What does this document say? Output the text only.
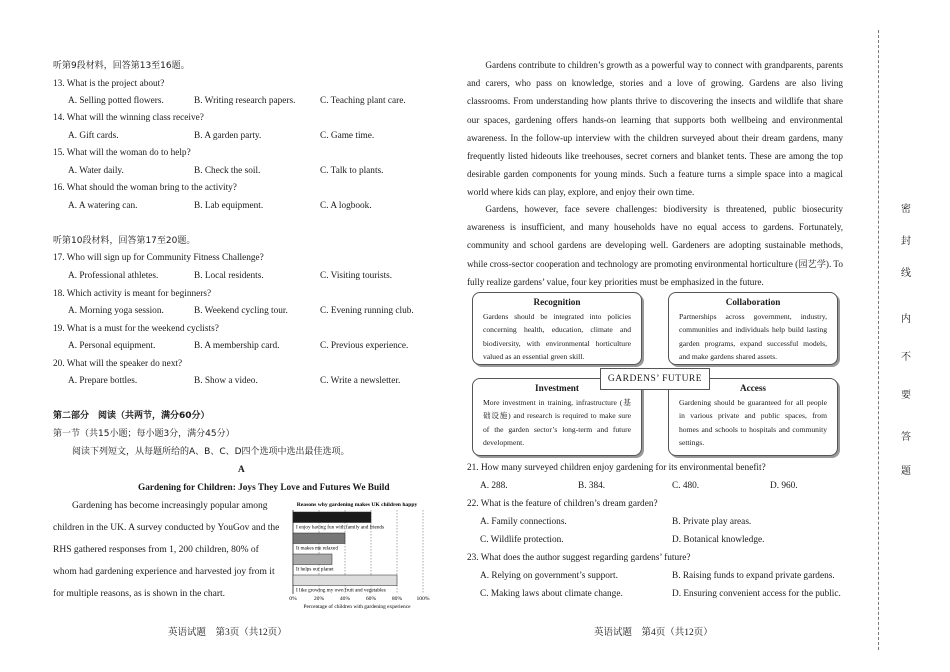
听第9段材料，回答第13至16题。
13. What is the project about?
A. Selling potted flowers.	B. Writing research papers.	C. Teaching plant care.
14. What will the winning class receive?
A. Gift cards.	B. A garden party.	C. Game time.
15. What will the woman do to help?
A. Water daily.	B. Check the soil.	C. Talk to plants.
16. What should the woman bring to the activity?
A. A watering can.	B. Lab equipment.	C. A logbook.
听第10段材料，回答第17至20题。
17. Who will sign up for Community Fitness Challenge?
A. Professional athletes.	B. Local residents.	C. Visiting tourists.
18. Which activity is meant for beginners?
A. Morning yoga session.	B. Weekend cycling tour.	C. Evening running club.
19. What is a must for the weekend cyclists?
A. Personal equipment.	B. A membership card.	C. Previous experience.
20. What will the speaker do next?
A. Prepare bottles.	B. Show a video.	C. Write a newsletter.
第二部分　阅读（共两节，满分60分）
第一节（共15小题；每小题3分，满分45分）
阅读下列短文，从每题所给的A、B、C、D四个选项中选出最佳选项。
A
Gardening for Children: Joys They Love and Futures We Build
Gardening has become increasingly popular among
children in the UK. A survey conducted by YouGov and the
RHS gathered responses from 1, 200 children, 80% of
whom had gardening experience and harvested joy from it
for multiple reasons, as is shown in the chart.
Reasons why gardening makes UK children happy
I enjoy having fun with family and friends
It makes me relaxed
It helps our planet
I like growing my own fruit and vegetables
0%	20%	40%	60%	80%	100%
Percentage of children with gardening experience
英语试题　第3页（共12页）
Gardens contribute to children’s growth as a powerful way to connect with grandparents, parents and carers, who pass on knowledge, stories and a love of growing. Gardens are also living classrooms. From understanding how plants thrive to discovering the insects and wildlife that share our spaces, gardening offers hands-on learning that supports both wellbeing and environmental awareness. In the follow-up interview with the children surveyed about their dream gardens, many frequently listed hideouts like treehouses, secret corners and blanket tents. These are among the top desirable garden components for young minds. Such a feature turns a simple space into a magical world where kids can play, explore, and enjoy their own time.
Gardens, however, face severe challenges: biodiversity is threatened, public biosecurity awareness is insufficient, and many households have no equal access to gardens. Fortunately, community and school gardens are developing well. Gardeners are adopting sustainable methods, while cross-sector cooperation and technology are promoting environmental horticulture (园艺学). To fully realize gardens’ value, four key priorities must be emphasized in the future.
Recognition

Gardens should be integrated into policies concerning health, education, climate and biodiversity, with environmental horticulture valued as an essential green skill.

Collaboration

Partnerships across government, industry, communities and individuals help build lasting garden programs, expand successful models, and make gardens shared assets.

Investment

More investment in training, infrastructure (基础设施) and research is required to make sure of the garden sector’s long-term and future development.

Access

Gardening should be guaranteed for all people in various private and public spaces, from homes and schools to hospitals and community settings.

GARDENS’ FUTURE
21. How many surveyed children enjoy gardening for its environmental benefit?
A. 288.	B. 384.	C. 480.	D. 960.
22. What is the feature of children’s dream garden?
A. Family connections.	B. Private play areas.
C. Wildlife protection.	D. Botanical knowledge.
23. What does the author suggest regarding gardens’ future?
A. Relying on government’s support.	B. Raising funds to expand private gardens.
C. Making laws about climate change.	D. Ensuring convenient access for the public.
英语试题　第4页（共12页）
密
封
线
内
不
要
答
题
